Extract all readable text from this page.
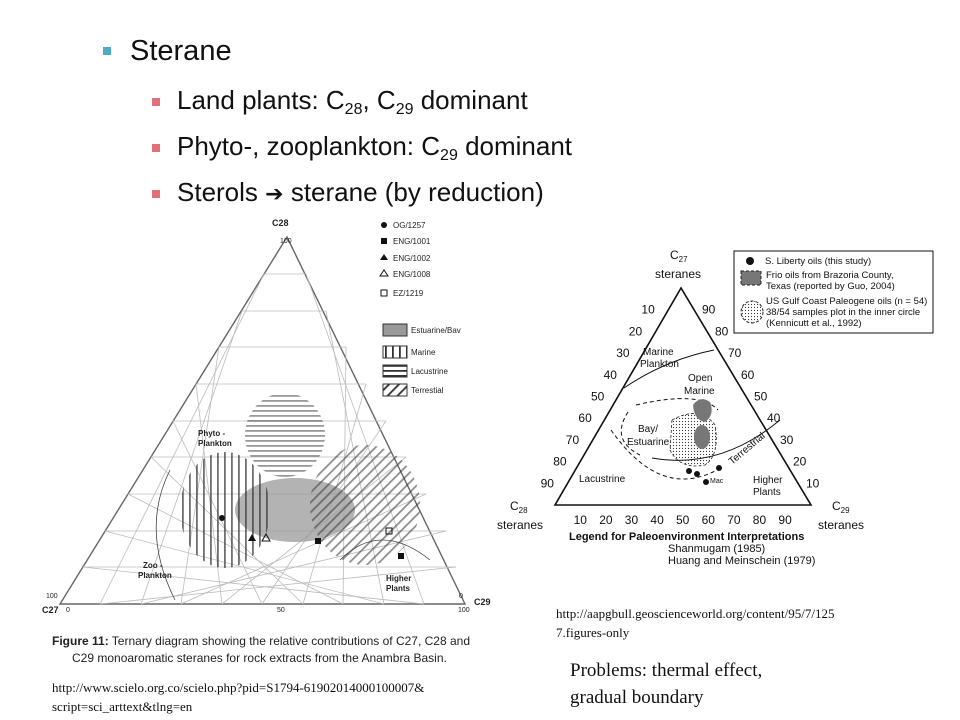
Sterane
Land plants: $C_{28}$, $C_{29}$ dominant
Phyto-, zooplankton: $C_{29}$ dominant
Sterols ➔ sterane (by reduction)
OG/1257
ENG/1001
ENG/1002
ENG/1008
EZ/1219
Estuarine/Bav
Marine
Lacustrine
Terrestial
C28
100
C27
100
0	50
0
100
C29
Phyto -
Plankton
Zoo -
Plankton	Higher
Plants
Figure 11: Ternary diagram showing the relative contributions of C27, C28 and
C29 monoaromatic steranes for rock extracts from the Anambra Basin.
S. Liberty oils (this study)
Frio oils from Brazoria County,
Texas (reported by Guo, 2004)
US Gulf Coast Paleogene oils (n = 54)
38/54 samples plot in the inner circle
(Kennicutt et al., 1992)
$C_{27}$
steranes
$C_{28}$
steranes
$C_{29}$
steranes
10
20
30
40
50
60
70
80
90
90
80
70
60
50
40
30
20
10
10 20 30 40 50 60 70 80 90
Marine
Plankton
Open
Marine
Bay/
Estuarine
Lacustrine
Terrestrial
Higher
Plants
Mac
Legend for Paleoenvironment Interpretations
Shanmugam (1985)
Huang and Meinschein (1979)
http://www.scielo.org.co/scielo.php?pid=S1794-61902014000100007&
script=sci_arttext&tlng=en
http://aapgbull.geoscienceworld.org/content/95/7/125
7.figures-only
Problems: thermal effect,
gradual boundary
